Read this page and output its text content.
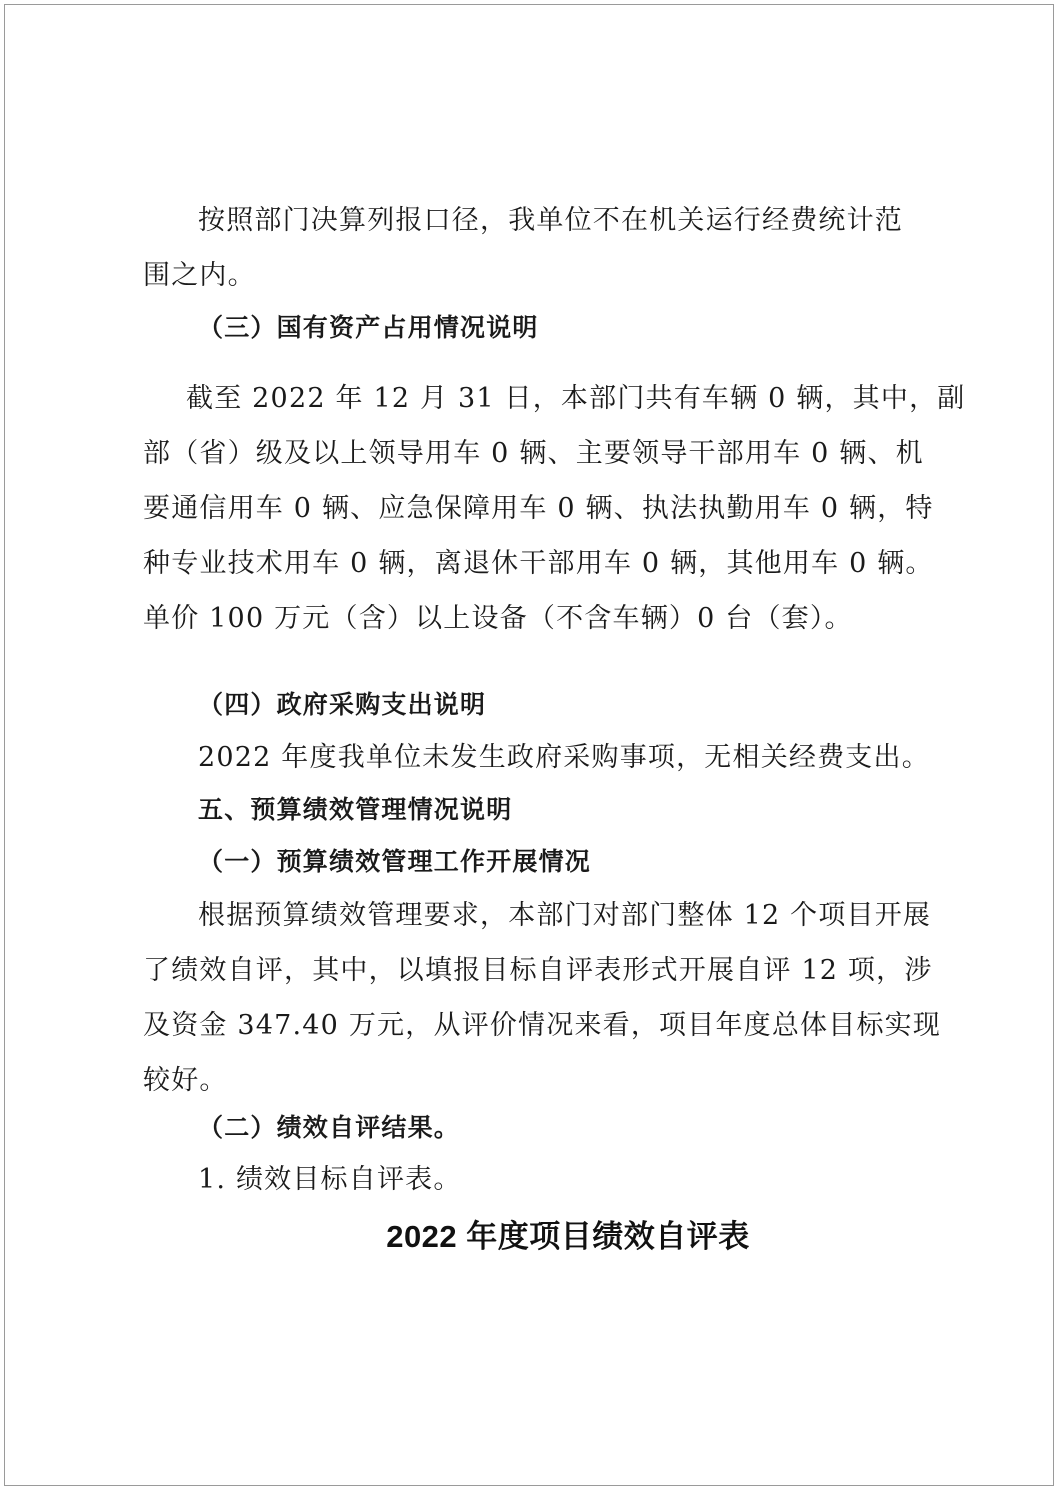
按照部门决算列报口径，我单位不在机关运行经费统计范
围之内。
（三）国有资产占用情况说明
截至 2022 年 12 月 31 日，本部门共有车辆 0 辆，其中，副
部（省）级及以上领导用车 0 辆、主要领导干部用车 0 辆、机
要通信用车 0 辆、应急保障用车 0 辆、执法执勤用车 0 辆，特
种专业技术用车 0 辆，离退休干部用车 0 辆，其他用车 0 辆。
单价 100 万元（含）以上设备（不含车辆）0 台（套）。
（四）政府采购支出说明
2022 年度我单位未发生政府采购事项，无相关经费支出。
五、预算绩效管理情况说明
（一）预算绩效管理工作开展情况
根据预算绩效管理要求，本部门对部门整体 12 个项目开展
了绩效自评，其中，以填报目标自评表形式开展自评 12 项，涉
及资金 347.40 万元，从评价情况来看，项目年度总体目标实现
较好。
（二）绩效自评结果。
1. 绩效目标自评表。
2022 年度项目绩效自评表
